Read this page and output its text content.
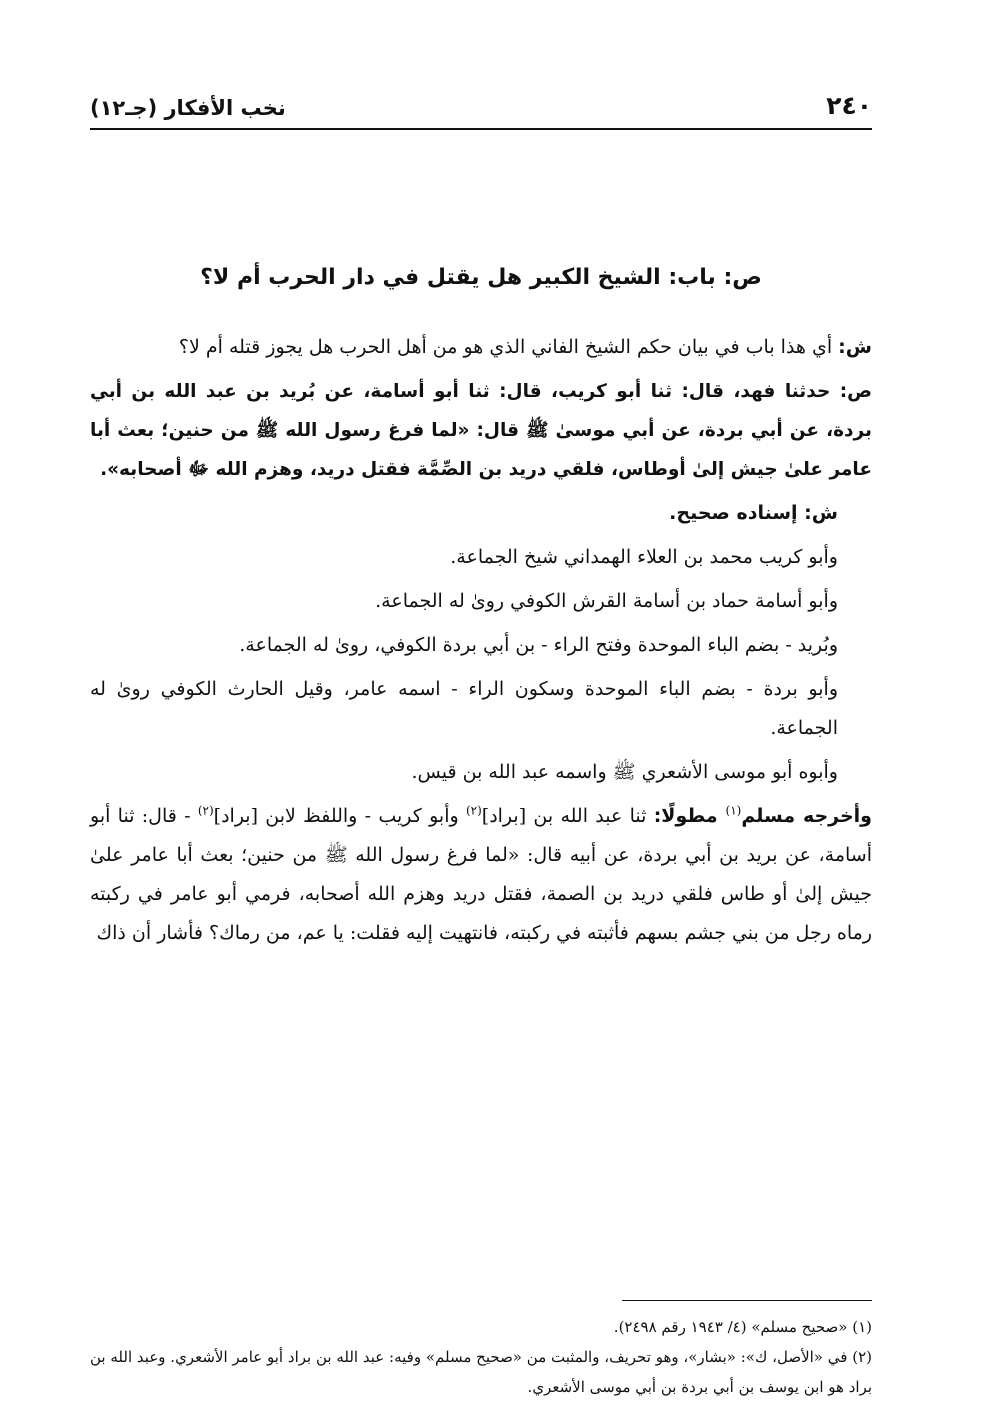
٢٤٠
نخب الأفكار (جـ١٢)
ص: باب: الشيخ الكبير هل يقتل في دار الحرب أم لا؟

ش: أي هذا باب في بيان حكم الشيخ الفاني الذي هو من أهل الحرب هل يجوز قتله أم لا؟

ص: حدثنا فهد، قال: ثنا أبو كريب، قال: ثنا أبو أسامة، عن بُريد بن عبد الله بن أبي بردة، عن أبي بردة، عن أبي موسىٰ ﷺ قال: «لما فرغ رسول الله ﷺ من حنين؛ بعث أبا عامر علىٰ جيش إلىٰ أوطاس، فلقي دريد بن الصِّمَّة فقتل دريد، وهزم الله ﷻ أصحابه».

ش: إسناده صحيح.

وأبو كريب محمد بن العلاء الهمداني شيخ الجماعة.

وأبو أسامة حماد بن أسامة القرش الكوفي روىٰ له الجماعة.

وبُريد - بضم الباء الموحدة وفتح الراء - بن أبي بردة الكوفي، روىٰ له الجماعة.

وأبو بردة - بضم الباء الموحدة وسكون الراء - اسمه عامر، وقيل الحارث الكوفي روىٰ له الجماعة.

وأبوه أبو موسى الأشعري ﷺ واسمه عبد الله بن قيس.

وأخرجه مسلم$^{(١)}$ مطولًا: ثنا عبد الله بن [براد]$^{(٢)}$ وأبو كريب - واللفظ لابن [براد]$^{(٢)}$ - قال: ثنا أبو أسامة، عن بريد بن أبي بردة، عن أبيه قال: «لما فرغ رسول الله ﷺ من حنين؛ بعث أبا عامر علىٰ جيش إلىٰ أو طاس فلقي دريد بن الصمة، فقتل دريد وهزم الله أصحابه، فرمي أبو عامر في ركبته رماه رجل من بني جشم بسهم فأثبته في ركبته، فانتهيت إليه فقلت: يا عم، من رماك؟ فأشار أن ذاك

(١) «صحيح مسلم» (٤/ ١٩٤٣ رقم ٢٤٩٨).

(٢) في «الأصل، ك»: «بشار»، وهو تحريف، والمثبت من «صحيح مسلم» وفيه: عبد الله بن براد أبو عامر الأشعري. وعبد الله بن براد هو ابن يوسف بن أبي بردة بن أبي موسى الأشعري.
